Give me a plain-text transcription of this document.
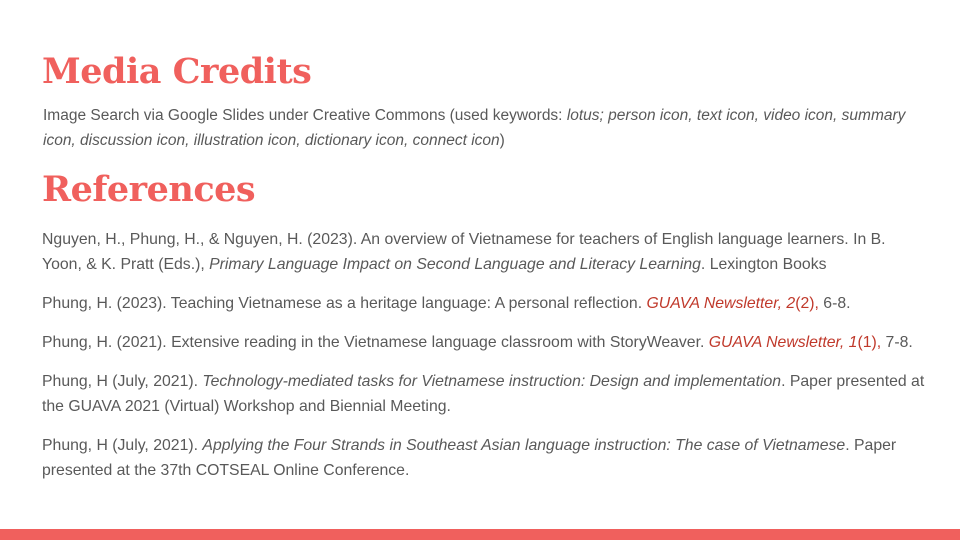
Media Credits

Image Search via Google Slides under Creative Commons (used keywords: lotus; person icon, text icon, video icon, summary icon, discussion icon, illustration icon, dictionary icon, connect icon)

References

Nguyen, H., Phung, H., & Nguyen, H. (2023). An overview of Vietnamese for teachers of English language learners. In B. Yoon, & K. Pratt (Eds.), Primary Language Impact on Second Language and Literacy Learning. Lexington Books

Phung, H. (2023). Teaching Vietnamese as a heritage language: A personal reflection. GUAVA Newsletter, 2(2), 6-8.

Phung, H. (2021). Extensive reading in the Vietnamese language classroom with StoryWeaver. GUAVA Newsletter, 1(1), 7-8.

Phung, H (July, 2021). Technology-mediated tasks for Vietnamese instruction: Design and implementation. Paper presented at the GUAVA 2021 (Virtual) Workshop and Biennial Meeting.

Phung, H (July, 2021). Applying the Four Strands in Southeast Asian language instruction: The case of Vietnamese. Paper presented at the 37th COTSEAL Online Conference.
